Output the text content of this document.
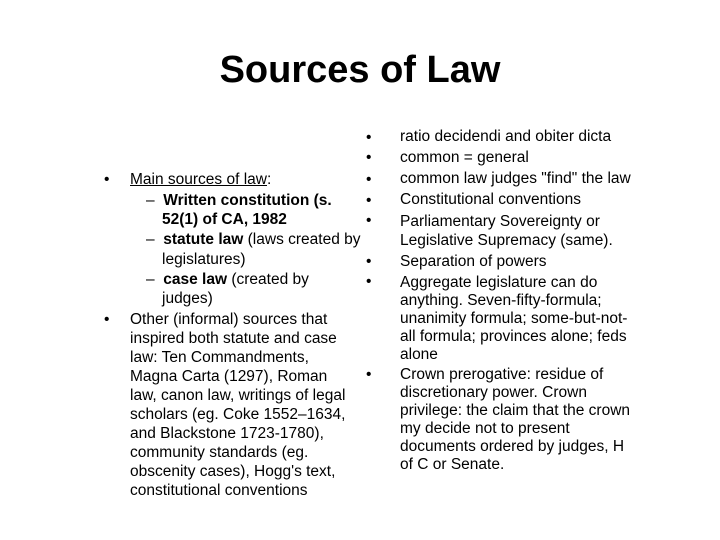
Sources of Law
•
•
Main sources of law:
–  Written constitution (s.
52(1) of CA, 1982
–  statute law (laws created by
legislatures)
–  case law (created by
judges)
Other (informal) sources that
inspired both statute and case
law: Ten Commandments,
Magna Carta (1297), Roman
law, canon law, writings of legal
scholars (eg. Coke 1552–1634,
and Blackstone 1723-1780),
community standards (eg.
obscenity cases), Hogg's text,
constitutional conventions
•
•
•
•
•
•
•
•
ratio decidendi and obiter dicta
common = general
common law judges "find" the law
Constitutional conventions
Parliamentary Sovereignty or
Legislative Supremacy (same).
Separation of powers
Aggregate legislature can do
anything. Seven-fifty-formula;
unanimity formula; some-but-not-
all formula; provinces alone; feds
alone
Crown prerogative: residue of
discretionary power. Crown
privilege: the claim that the crown
my decide not to present
documents ordered by judges, H
of C or Senate.
